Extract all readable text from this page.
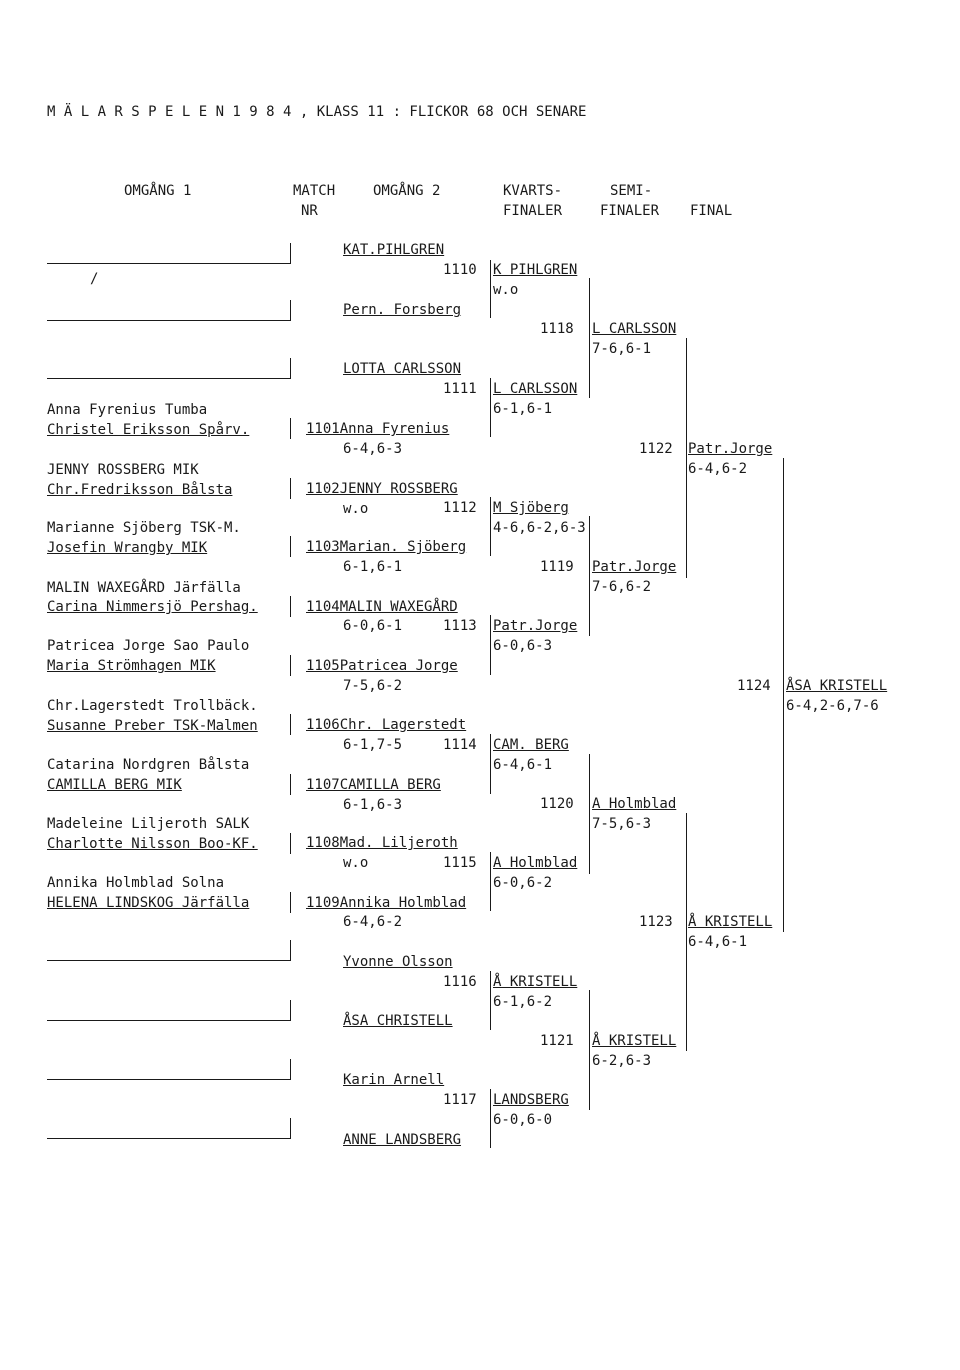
M Ä L A R S P E L E N 1 9 8 4 , KLASS 11 : FLICKOR 68 OCH SENARE
OMGÅNG 1	MATCH
NR
OMGÅNG 2	KVARTS-
FINALER
SEMI-
FINALER FINAL
/
Anna Fyrenius Tumba
Christel Eriksson Spårv.
JENNY ROSSBERG MIK
Chr.Fredriksson Bålsta
Marianne Sjöberg TSK-M.
Josefin Wrangby MIK
MALIN WAXEGÅRD Järfälla
Carina Nimmersjö Pershag.
Patricea Jorge Sao Paulo
Maria Strömhagen MIK
Chr.Lagerstedt Trollbäck.
Susanne Preber TSK-Malmen
Catarina Nordgren Bålsta
CAMILLA BERG MIK
Madeleine Liljeroth SALK
Charlotte Nilsson Boo-KF.
Annika Holmblad Solna
HELENA LINDSKOG Järfälla
KAT.PIHLGREN
Pern. Forsberg
LOTTA CARLSSON
1101Anna Fyrenius
6-4,6-3
1102JENNY ROSSBERG
w.o
1103Marian. Sjöberg
6-1,6-1
1104MALIN WAXEGÅRD
6-0,6-1
1105Patricea Jorge
7-5,6-2
1106Chr. Lagerstedt
6-1,7-5
1107CAMILLA BERG
6-1,6-3
1108Mad. Liljeroth
w.o
1109Annika Holmblad
6-4,6-2
Yvonne Olsson
ÅSA CHRISTELL
Karin Arnell
ANNE LANDSBERG
1110 K PIHLGREN
w.o
1111 L CARLSSON
6-1,6-1
1112 M Sjöberg
4-6,6-2,6-3
1113 Patr.Jorge
6-0,6-3
1114 CAM. BERG
6-4,6-1
1115 A Holmblad
6-0,6-2
1116 Å KRISTELL
6-1,6-2
1117 LANDSBERG
6-0,6-0
1118 L CARLSSON
7-6,6-1
1119 Patr.Jorge
7-6,6-2
1120 A Holmblad
7-5,6-3
1121 Å KRISTELL
6-2,6-3
1122 Patr.Jorge
6-4,6-2
1123 Å KRISTELL
6-4,6-1
1124 ÅSA KRISTELL
6-4,2-6,7-6
